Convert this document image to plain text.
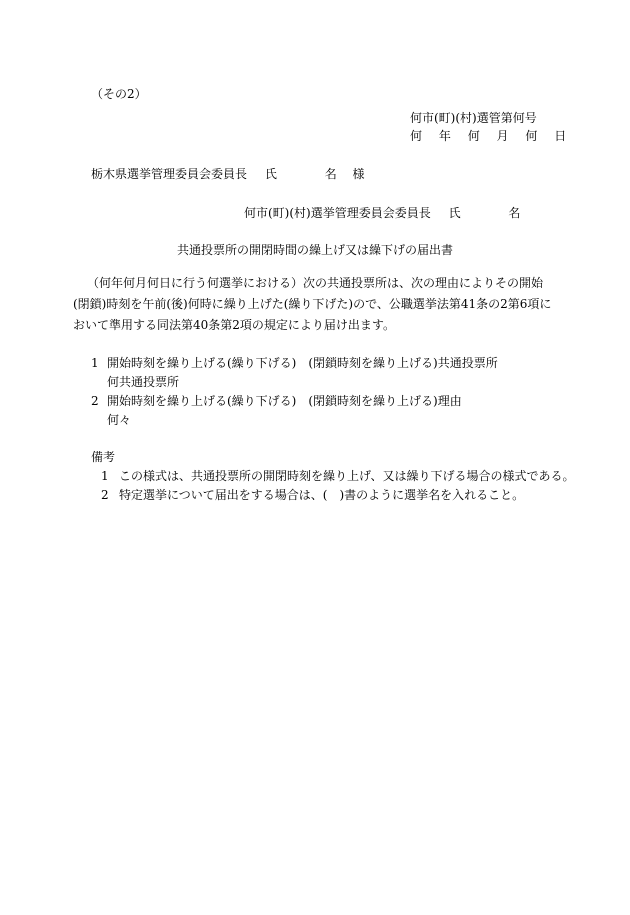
（その2）
何市(町)(村)選管第何号
何 年 何 月 何 日
栃木県選挙管理委員会委員長 氏	名 様
何市(町)(村)選挙管理委員会委員長 氏	名
共通投票所の開閉時間の繰上げ又は繰下げの届出書
（何年何月何日に行う何選挙における）次の共通投票所は、次の理由によりその開始(閉鎖)時刻を午前(後)何時に繰り上げた(繰り下げた)ので、公職選挙法第41条の2第6項において準用する同法第40条第2項の規定により届け出ます。
1 開始時刻を繰り上げる(繰り下げる)　(閉鎖時刻を繰り上げる)共通投票所
何共通投票所
2 開始時刻を繰り上げる(繰り下げる)　(閉鎖時刻を繰り上げる)理由
何々
備考
1 この様式は、共通投票所の開閉時刻を繰り上げ、又は繰り下げる場合の様式である。
2 特定選挙について届出をする場合は、(　)書のように選挙名を入れること。
